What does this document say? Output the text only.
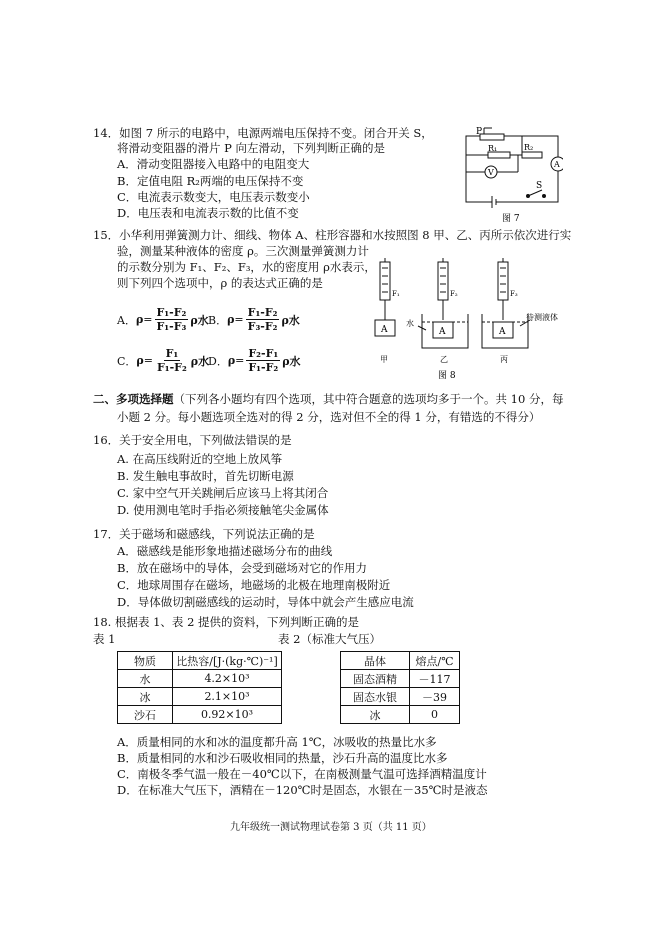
14．如图 7 所示的电路中，电源两端电压保持不变。闭合开关 S，
将滑动变阻器的滑片 P 向左滑动，下列判断正确的是
A．滑动变阻器接入电路中的电阻变大
B．定值电阻 R₂两端的电压保持不变
C．电流表示数变大，电压表示数变小
D．电压表和电流表示数的比值不变
P
R₁	R₂
V
A
S
图 7
15．小华利用弹簧测力计、细线、物体 A、柱形容器和水按照图 8 甲、乙、丙所示依次进行实
验，测量某种液体的密度 ρ。三次测量弹簧测力计
的示数分别为 F₁、F₂、F₃，水的密度用 ρ水表示，
则下列四个选项中，ρ 的表达式正确的是
A． $\rho = \frac{\text{F₁-F₂}}{\text{F₁-F₃}}$ ρ水 B． $\rho = \frac{\text{F₁-F₂}}{\text{F₃-F₂}}$ ρ水
C． $\rho = \frac{\text{F₁}}{\text{F₁-F₂}}$ ρ水
D． $\rho = \frac{\text{F₂-F₁}}{\text{F₁-F₂}}$ ρ水
F₁	F₂	F₃
A	A	A
水
待测液体
甲	乙	丙
图 8
二、多项选择题（下列各小题均有四个选项，其中符合题意的选项均多于一个。共 10 分，每
小题 2 分。每小题选项全选对的得 2 分，选对但不全的得 1 分，有错选的不得分）
16．关于安全用电，下列做法错误的是
A. 在高压线附近的空地上放风筝
B. 发生触电事故时，首先切断电源
C. 家中空气开关跳闸后应该马上将其闭合
D. 使用测电笔时手指必须接触笔尖金属体
17．关于磁场和磁感线，下列说法正确的是
A．磁感线是能形象地描述磁场分布的曲线
B．放在磁场中的导体，会受到磁场对它的作用力
C．地球周围存在磁场，地磁场的北极在地理南极附近
D．导体做切割磁感线的运动时，导体中就会产生感应电流
18. 根据表 1、表 2 提供的资料，下列判断正确的是
表 1	表 2（标准大气压）
物质	比热容/[J·(kg·℃)⁻¹]
水	4.2×10³
冰	2.1×10³
沙石	0.92×10³
晶体	熔点/℃
固态酒精	－117
固态水银	－39
冰	0
A．质量相同的水和冰的温度都升高 1℃，冰吸收的热量比水多
B．质量相同的水和沙石吸收相同的热量，沙石升高的温度比水多
C．南极冬季气温一般在－40℃以下，在南极测量气温可选择酒精温度计
D．在标准大气压下，酒精在－120℃时是固态，水银在－35℃时是液态
九年级统一测试物理试卷第 3 页（共 11 页）
